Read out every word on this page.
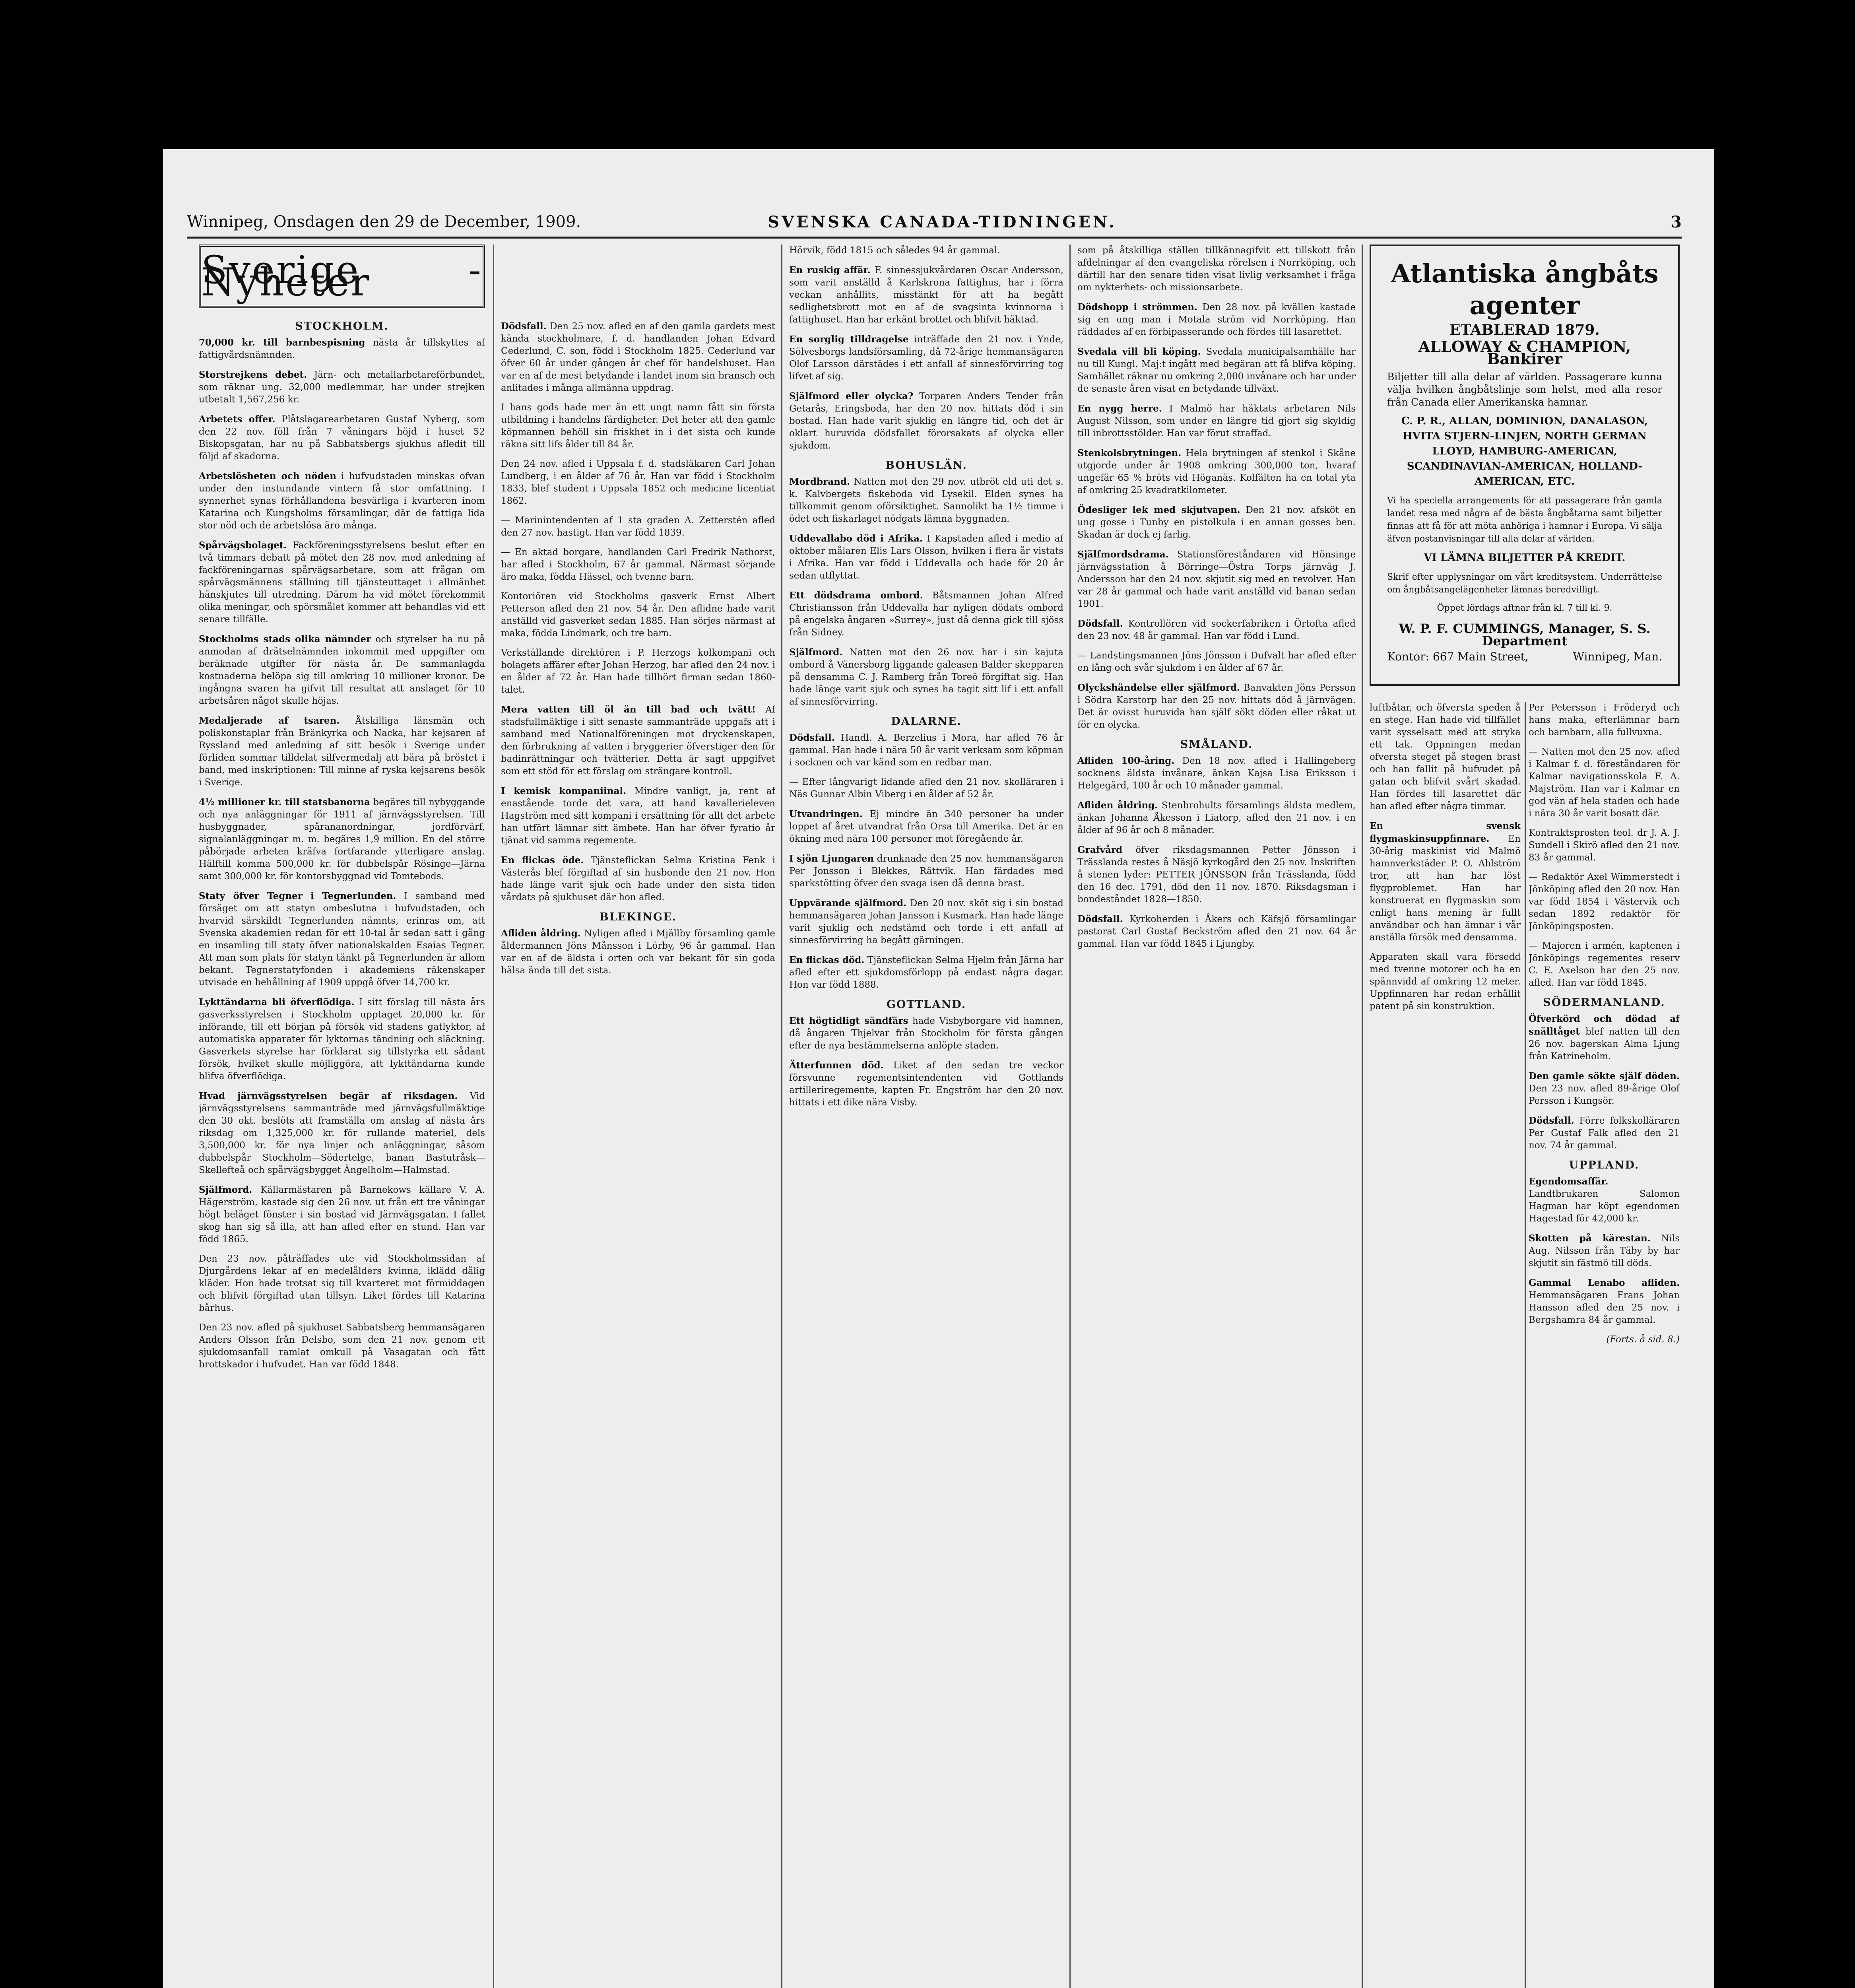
Winnipeg, Onsdagen den 29 de December, 1909.	SVENSKA CANADA-TIDNINGEN.	3
Sverige - Nyheter
STOCKHOLM.
70,000 kr. till barnbespisning nästa år tillskyttes af fattigvårdsnämnden.
Storstrejkens debet. Järn- och metallarbetareförbundet, som räknar ung. 32,000 medlemmar, har under strejken utbetalt 1,567,256 kr.
Arbetets offer. Plåtslagarearbetaren Gustaf Nyberg, som den 22 nov. föll från 7 våningars höjd i huset 52 Biskopsgatan, har nu på Sabbatsbergs sjukhus afledit till följd af skadorna.
Arbetslösheten och nöden i hufvudstaden minskas ofvan under den instundande vintern få stor omfattning. I synnerhet synas förhållandena besvärliga i kvarteren inom Katarina och Kungsholms församlingar, där de fattiga lida stor nöd och de arbetslösa äro många.
Spårvägsbolaget. Fackföreningsstyrelsens beslut efter en två timmars debatt på mötet den 28 nov. med anledning af fackföreningarnas spårvägsarbetare, som att frågan om spårvägsmännens ställning till tjänsteuttaget i allmänhet hänskjutes till utredning. Därom ha vid mötet förekommit olika meningar, och spörsmålet kommer att behandlas vid ett senare tillfälle.
Stockholms stads olika nämnder och styrelser ha nu på anmodan af drätselnämnden inkommit med uppgifter om beräknade utgifter för nästa år. De sammanlagda kostnaderna belöpa sig till omkring 10 millioner kronor. De ingångna svaren ha gifvit till resultat att anslaget för 10 arbetsåren något skulle höjas.
Medaljerade af tsaren. Åtskilliga länsmän och poliskonstaplar från Bränkyrka och Nacka, har kejsaren af Ryssland med anledning af sitt besök i Sverige under förliden sommar tilldelat silfvermedalj att bära på bröstet i band, med inskriptionen: Till minne af ryska kejsarens besök i Sverige.
4½ millioner kr. till statsbanorna begäres till nybyggande och nya anläggningar för 1911 af järnvägsstyrelsen. Till husbyggnader, spårananordningar, jordförvärf, signalanläggningar m. m. begäres 1,9 million. En del större påbörjade arbeten kräfva fortfarande ytterligare anslag. Hälftill komma 500,000 kr. för dubbelspår Rösinge—Järna samt 300,000 kr. för kontorsbyggnad vid Tomtebods.
Staty öfver Tegner i Tegnerlunden. I samband med försäget om att statyn ombeslutna i hufvudstaden, och hvarvid särskildt Tegnerlunden nämnts, erinras om, att Svenska akademien redan för ett 10-tal år sedan satt i gång en insamling till staty öfver nationalskalden Esaias Tegner. Att man som plats för statyn tänkt på Tegnerlunden är allom bekant. Tegnerstatyfonden i akademiens räkenskaper utvisade en behållning af 1909 uppgå öfver 14,700 kr.
Lykttändarna bli öfverflödiga. I sitt förslag till nästa års gasverksstyrelsen i Stockholm upptaget 20,000 kr. för införande, till ett början på försök vid stadens gatlyktor, af automatiska apparater för lyktornas tändning och släckning. Gasverkets styrelse har förklarat sig tillstyrka ett sådant försök, hvilket skulle möjliggöra, att lykttändarna kunde blifva öfverflödiga.
Hvad järnvägsstyrelsen begär af riksdagen. Vid järnvägsstyrelsens sammanträde med järnvägsfullmäktige den 30 okt. beslöts att framställa om anslag af nästa års riksdag om 1,325,000 kr. för rullande materiel, dels 3,500,000 kr. för nya linjer och anläggningar, såsom dubbelspår Stockholm—Södertelge, banan Bastutråsk—Skellefteå och spårvägsbygget Ängelholm—Halmstad.
Själfmord. Källarmästaren på Barnekows källare V. A. Hägerström, kastade sig den 26 nov. ut från ett tre våningar högt beläget fönster i sin bostad vid Järnvägsgatan. I fallet skog han sig så illa, att han afled efter en stund. Han var född 1865.
Den 23 nov. påträffades ute vid Stockholmssidan af Djurgårdens lekar af en medelålders kvinna, iklädd dålig kläder. Hon hade trotsat sig till kvarteret mot förmiddagen och blifvit förgiftad utan tillsyn. Liket fördes till Katarina bårhus.
Den 23 nov. afled på sjukhuset Sabbatsberg hemmansägaren Anders Olsson från Delsbo, som den 21 nov. genom ett sjukdomsanfall ramlat omkull på Vasagatan och fått brottskador i hufvudet. Han var född 1848.
Dödsfall. Den 25 nov. afled en af den gamla gardets mest kända stockholmare, f. d. handlanden Johan Edvard Cederlund, C. son, född i Stockholm 1825. Cederlund var öfver 60 år under gången år chef för handelshuset. Han var en af de mest betydande i landet inom sin bransch och anlitades i många allmänna uppdrag.
I hans gods hade mer än ett ungt namn fått sin första utbildning i handelns färdigheter. Det heter att den gamle köpmannen behöll sin friskhet in i det sista och kunde räkna sitt lifs ålder till 84 år.
Den 24 nov. afled i Uppsala f. d. stadsläkaren Carl Johan Lundberg, i en ålder af 76 år. Han var född i Stockholm 1833, blef student i Uppsala 1852 och medicine licentiat 1862.
— Marinintendenten af 1 sta graden A. Zetterstén afled den 27 nov. hastigt. Han var född 1839.
— En aktad borgare, handlanden Carl Fredrik Nathorst, har afled i Stockholm, 67 år gammal. Närmast sörjande äro maka, födda Hässel, och tvenne barn.
Kontoriören vid Stockholms gasverk Ernst Albert Petterson afled den 21 nov. 54 år. Den aflidne hade varit anställd vid gasverket sedan 1885. Han sörjes närmast af maka, födda Lindmark, och tre barn.
Verkställande direktören i P. Herzogs kolkompani och bolagets affärer efter Johan Herzog, har afled den 24 nov. i en ålder af 72 år. Han hade tillhört firman sedan 1860-talet.
Mera vatten till öl än till bad och tvätt! Af stadsfullmäktige i sitt senaste sammanträde uppgafs att i samband med Nationalföreningen mot dryckenskapen, den förbrukning af vatten i bryggerier öfverstiger den för badinrättningar och tvätterier. Detta är sagt uppgifvet som ett stöd för ett förslag om strängare kontroll.
I kemisk kompaniinal. Mindre vanligt, ja, rent af enastående torde det vara, att hand kavallerieleven Hagström med sitt kompani i ersättning för allt det arbete han utfört lämnar sitt ämbete. Han har öfver fyratio år tjänat vid samma regemente.
En flickas öde. Tjänsteflickan Selma Kristina Fenk i Västerås blef förgiftad af sin husbonde den 21 nov. Hon hade länge varit sjuk och hade under den sista tiden vårdats på sjukhuset där hon afled.
BLEKINGE.
Afliden åldring. Nyligen afled i Mjällby församling gamle åldermannen Jöns Månsson i Lörby, 96 år gammal. Han var en af de äldsta i orten och var bekant för sin goda hälsa ända till det sista.
Hörvik, född 1815 och således 94 år gammal.
En ruskig affär. F. sinnessjukvårdaren Oscar Andersson, som varit anställd å Karlskrona fattighus, har i förra veckan anhållits, misstänkt för att ha begått sedlighetsbrott mot en af de svagsinta kvinnorna i fattighuset. Han har erkänt brottet och blifvit häktad.
En sorglig tilldragelse inträffade den 21 nov. i Ynde, Sölvesborgs landsförsamling, då 72-årige hemmansägaren Olof Larsson därstädes i ett anfall af sinnesförvirring tog lifvet af sig.
Själfmord eller olycka? Torparen Anders Tender från Getarås, Eringsboda, har den 20 nov. hittats död i sin bostad. Han hade varit sjuklig en längre tid, och det är oklart huruvida dödsfallet förorsakats af olycka eller sjukdom.
BOHUSLÄN.
Mordbrand. Natten mot den 29 nov. utbröt eld uti det s. k. Kalvbergets fiskeboda vid Lysekil. Elden synes ha tillkommit genom oförsiktighet. Sannolikt ha 1½ timme i ödet och fiskarlaget nödgats lämna byggnaden.
Uddevallabo död i Afrika. I Kapstaden afled i medio af oktober målaren Elis Lars Olsson, hvilken i flera år vistats i Afrika. Han var född i Uddevalla och hade för 20 år sedan utflyttat.
Ett dödsdrama ombord. Båtsmannen Johan Alfred Christiansson från Uddevalla har nyligen dödats ombord på engelska ångaren »Surrey», just då denna gick till sjöss från Sidney.
Själfmord. Natten mot den 26 nov. har i sin kajuta ombord å Vänersborg liggande galeasen Balder skepparen på densamma C. J. Ramberg från Toreö förgiftat sig. Han hade länge varit sjuk och synes ha tagit sitt lif i ett anfall af sinnesförvirring.
DALARNE.
Dödsfall. Handl. A. Berzelius i Mora, har afled 76 år gammal. Han hade i nära 50 år varit verksam som köpman i socknen och var känd som en redbar man.
— Efter långvarigt lidande afled den 21 nov. skolläraren i Näs Gunnar Albin Viberg i en ålder af 52 år.
Utvandringen. Ej mindre än 340 personer ha under loppet af året utvandrat från Orsa till Amerika. Det är en ökning med nära 100 personer mot föregående år.
I sjön Ljungaren drunknade den 25 nov. hemmansägaren Per Jonsson i Blekkes, Rättvik. Han färdades med sparkstötting öfver den svaga isen då denna brast.
Uppvärande själfmord. Den 20 nov. sköt sig i sin bostad hemmansägaren Johan Jansson i Kusmark. Han hade länge varit sjuklig och nedstämd och torde i ett anfall af sinnesförvirring ha begått gärningen.
En flickas död. Tjänsteflickan Selma Hjelm från Järna har afled efter ett sjukdomsförlopp på endast några dagar. Hon var född 1888.
GOTTLAND.
Ett högtidligt sändfärs hade Visbyborgare vid hamnen, då ångaren Thjelvar från Stockholm för första gången efter de nya bestämmelserna anlöpte staden.
Ätterfunnen död. Liket af den sedan tre veckor försvunne regementsintendenten vid Gottlands artilleriregemente, kapten Fr. Engström har den 20 nov. hittats i ett dike nära Visby.
som på åtskilliga ställen tillkännagifvit ett tillskott från afdelningar af den evangeliska rörelsen i Norrköping, och därtill har den senare tiden visat livlig verksamhet i fråga om nykterhets- och missionsarbete.
Dödshopp i strömmen. Den 28 nov. på kvällen kastade sig en ung man i Motala ström vid Norrköping. Han räddades af en förbipasserande och fördes till lasarettet.
Svedala vill bli köping. Svedala municipalsamhälle har nu till Kungl. Maj:t ingått med begäran att få blifva köping. Samhället räknar nu omkring 2,000 invånare och har under de senaste åren visat en betydande tillväxt.
En nygg herre. I Malmö har häktats arbetaren Nils August Nilsson, som under en längre tid gjort sig skyldig till inbrottsstölder. Han var förut straffad.
Stenkolsbrytningen. Hela brytningen af stenkol i Skåne utgjorde under år 1908 omkring 300,000 ton, hvaraf ungefär 65 % bröts vid Höganäs. Kolfälten ha en total yta af omkring 25 kvadratkilometer.
Ödesliger lek med skjutvapen. Den 21 nov. afsköt en ung gosse i Tunby en pistolkula i en annan gosses ben. Skadan är dock ej farlig.
Själfmordsdrama. Stationsföreståndaren vid Hönsinge järnvägsstation å Börringe—Östra Torps järnväg J. Andersson har den 24 nov. skjutit sig med en revolver. Han var 28 år gammal och hade varit anställd vid banan sedan 1901.
Dödsfall. Kontrollören vid sockerfabriken i Örtofta afled den 23 nov. 48 år gammal. Han var född i Lund.
— Landstingsmannen Jöns Jönsson i Dufvalt har afled efter en lång och svår sjukdom i en ålder af 67 år.
Olyckshändelse eller själfmord. Banvakten Jöns Persson i Södra Karstorp har den 25 nov. hittats död å järnvägen. Det är ovisst huruvida han själf sökt döden eller råkat ut för en olycka.
SMÅLAND.
Afliden 100-åring. Den 18 nov. afled i Hallingeberg socknens äldsta invånare, änkan Kajsa Lisa Eriksson i Helgegärd, 100 år och 10 månader gammal.
Afliden åldring. Stenbrohults församlings äldsta medlem, änkan Johanna Åkesson i Liatorp, afled den 21 nov. i en ålder af 96 år och 8 månader.
Grafvård öfver riksdagsmannen Petter Jönsson i Trässlanda restes å Näsjö kyrkogård den 25 nov. Inskriften å stenen lyder: PETTER JÖNSSON från Trässlanda, född den 16 dec. 1791, död den 11 nov. 1870. Riksdagsman i bondeståndet 1828—1850.
Dödsfall. Kyrkoherden i Åkers och Käfsjö församlingar pastorat Carl Gustaf Beckström afled den 21 nov. 64 år gammal. Han var född 1845 i Ljungby.
Atlantiska ångbåts agenter
ETABLERAD 1879.
ALLOWAY & CHAMPION, Bankirer
Biljetter till alla delar af världen. Passagerare kunna välja hvilken ångbåtslinje som helst, med alla resor från Canada eller Amerikanska hamnar.
C. P. R., ALLAN, DOMINION, DANALASON, HVITA STJERN-LINJEN, NORTH GERMAN LLOYD, HAMBURG-AMERICAN, SCANDINAVIAN-AMERICAN, HOLLAND-AMERICAN, ETC.
Vi ha speciella arrangements för att passagerare från gamla landet resa med några af de bästa ångbåtarna samt biljetter finnas att få för att möta anhöriga i hamnar i Europa. Vi sälja äfven postanvisningar till alla delar af världen.
VI LÄMNA BILJETTER PÅ KREDIT.
Skrif efter upplysningar om vårt kreditsystem. Underrättelse om ångbåtsangelägenheter lämnas beredvilligt.
Öppet lördags aftnar från kl. 7 till kl. 9.
W. P. F. CUMMINGS, Manager, S. S. Department
Kontor: 667 Main Street,	Winnipeg, Man.
luftbåtar, och öfversta speden å en stege. Han hade vid tillfället varit sysselsatt med att stryka ett tak. Oppningen medan ofversta steget på stegen brast och han fallit på hufvudet på gatan och blifvit svårt skadad. Han fördes till lasarettet där han afled efter några timmar.
En svensk flygmaskinsuppfinnare. En 30-årig maskinist vid Malmö hamnverkstäder P. O. Ahlström tror, att han har löst flygproblemet. Han har konstruerat en flygmaskin som enligt hans mening är fullt användbar och han ämnar i vår anställa försök med densamma.
Apparaten skall vara försedd med tvenne motorer och ha en spännvidd af omkring 12 meter. Uppfinnaren har redan erhållit patent på sin konstruktion.
Per Petersson i Fröderyd och hans maka, efterlämnar barn och barnbarn, alla fullvuxna.
— Natten mot den 25 nov. afled i Kalmar f. d. föreståndaren för Kalmar navigationsskola F. A. Majström. Han var i Kalmar en god vän af hela staden och hade i nära 30 år varit bosatt där.
Kontraktsprosten teol. dr J. A. J. Sundell i Skirö afled den 21 nov. 83 år gammal.
— Redaktör Axel Wimmerstedt i Jönköping afled den 20 nov. Han var född 1854 i Västervik och sedan 1892 redaktör för Jönköpingsposten.
— Majoren i armén, kaptenen i Jönköpings regementes reserv C. E. Axelson har den 25 nov. afled. Han var född 1845.
SÖDERMANLAND.
Öfverkörd och dödad af snälltåget blef natten till den 26 nov. bagerskan Alma Ljung från Katrineholm.
Den gamle sökte själf döden. Den 23 nov. afled 89-årige Olof Persson i Kungsör.
Dödsfall. Förre folkskolläraren Per Gustaf Falk afled den 21 nov. 74 år gammal.
UPPLAND.
Egendomsaffär. Landtbrukaren Salomon Hagman har köpt egendomen Hagestad för 42,000 kr.
Skotten på kärestan. Nils Aug. Nilsson från Täby by har skjutit sin fästmö till döds.
Gammal Lenabo afliden. Hemmansägaren Frans Johan Hansson afled den 25 nov. i Bergshamra 84 år gammal.
(Forts. å sid. 8.)
